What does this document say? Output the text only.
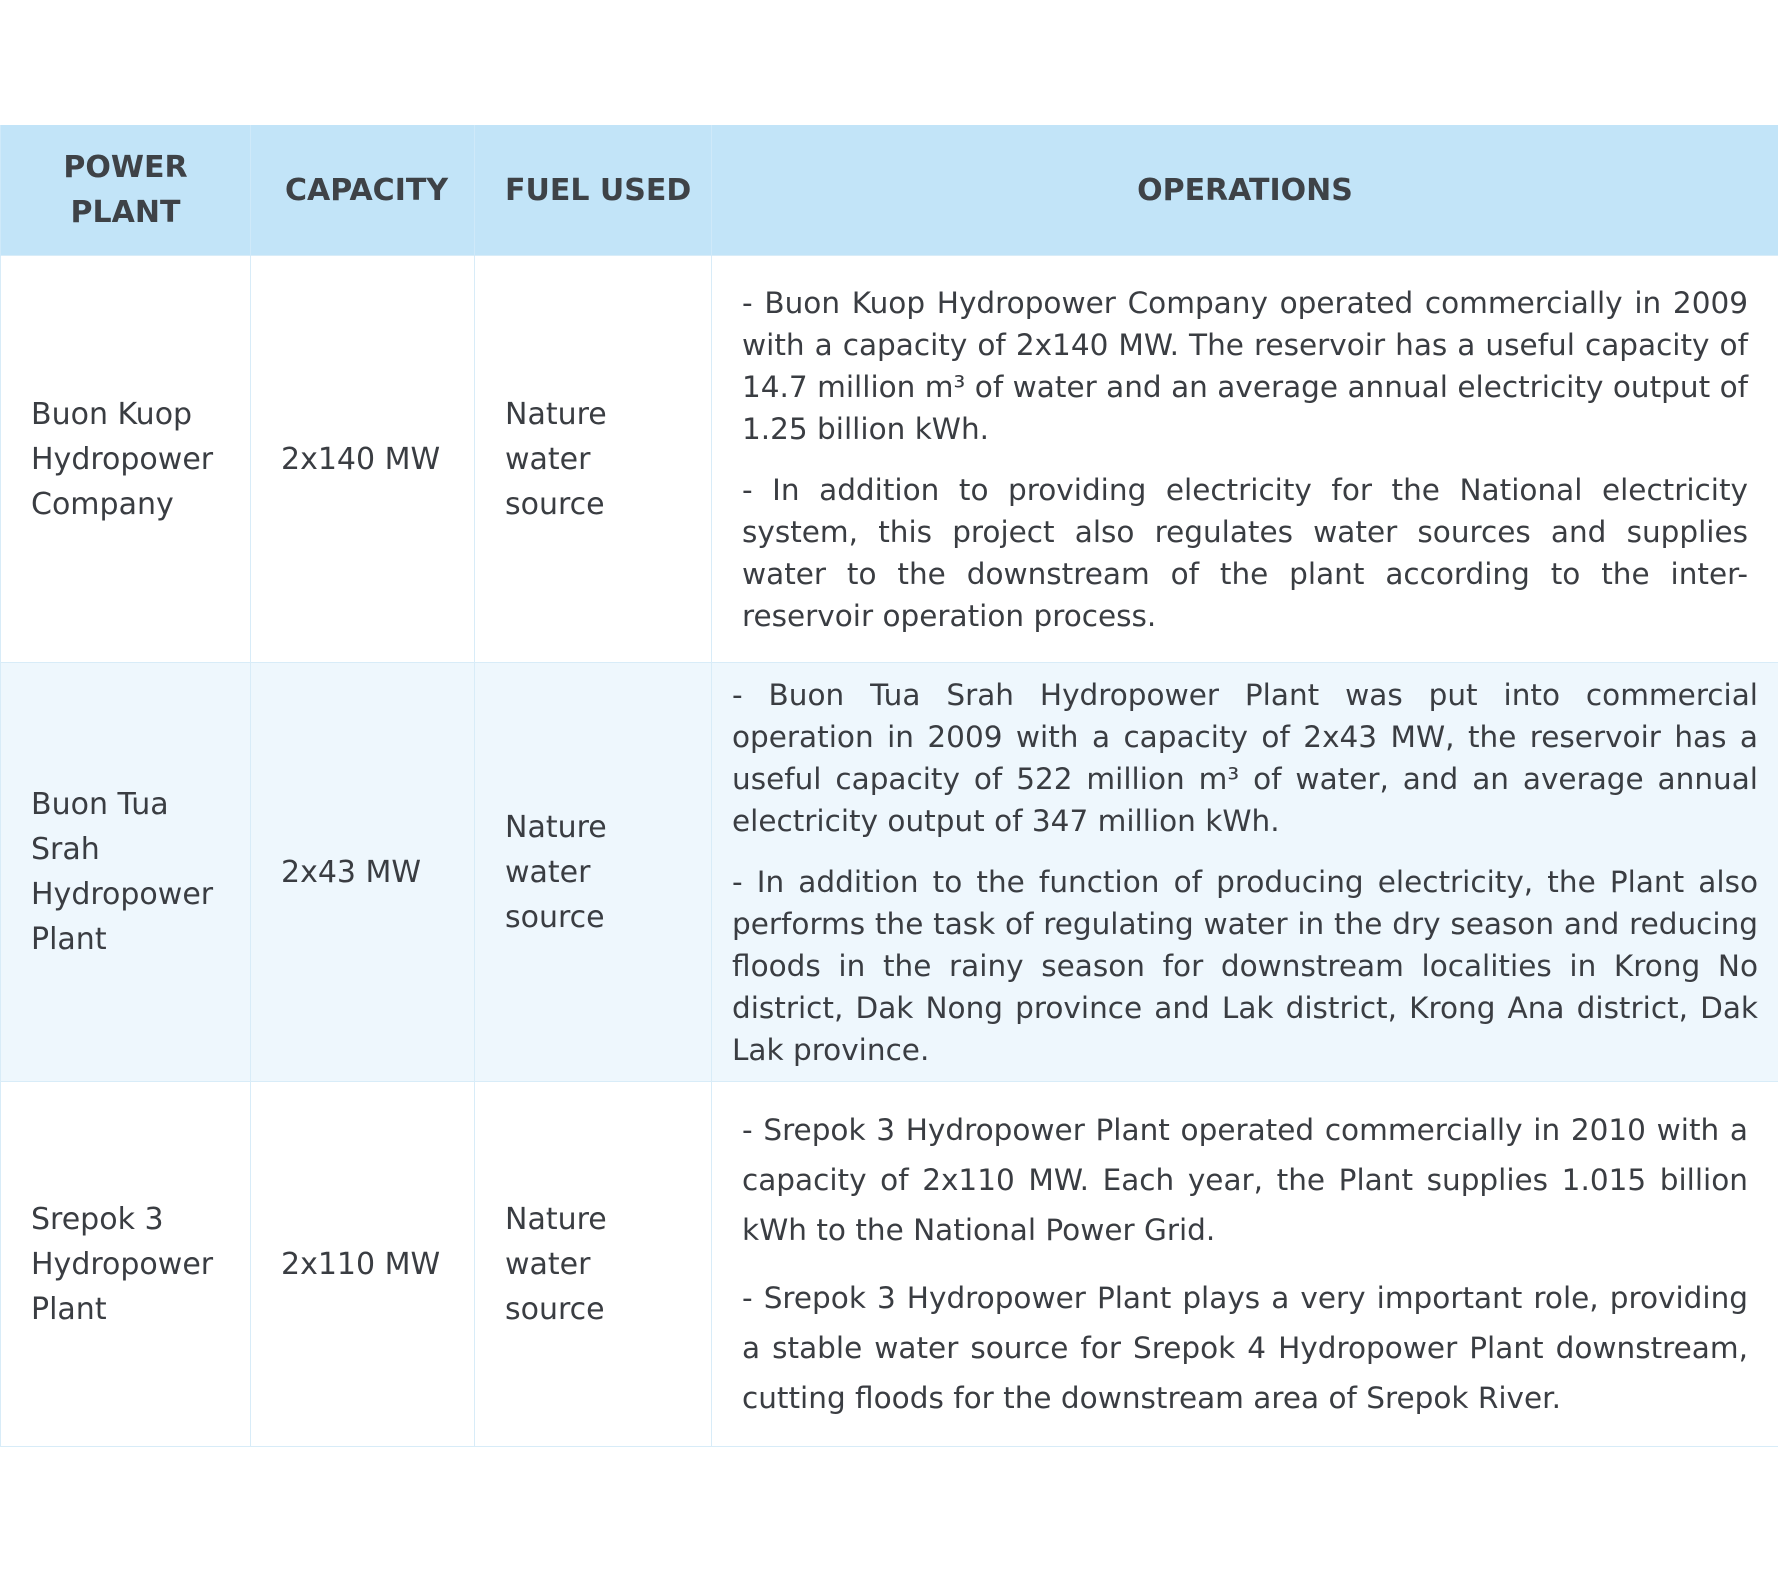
POWER PLANT	CAPACITY	FUEL USED	OPERATIONS
Buon Kuop Hydropower Company	2x140 MW	Nature water source	- Buon Kuop Hydropower Company operated commercially in 2009 with a capacity of 2x140 MW. The reservoir has a useful capacity of 14.7 million m³ of water and an average annual electricity output of 1.25 billion kWh.

- In addition to providing electricity for the National electricity system, this project also regulates water sources and supplies water to the downstream of the plant according to the inter-reservoir operation process.

Buon Tua Srah Hydropower Plant	2x43 MW	Nature water source	- Buon Tua Srah Hydropower Plant was put into commercial operation in 2009 with a capacity of 2x43 MW, the reservoir has a useful capacity of 522 million m³ of water, and an average annual electricity output of 347 million kWh.

- In addition to the function of producing electricity, the Plant also performs the task of regulating water in the dry season and reducing floods in the rainy season for downstream localities in Krong No district, Dak Nong province and Lak district, Krong Ana district, Dak Lak province.

Srepok 3 Hydropower Plant	2x110 MW	Nature water source	- Srepok 3 Hydropower Plant operated commercially in 2010 with a capacity of 2x110 MW. Each year, the Plant supplies 1.015 billion kWh to the National Power Grid.

- Srepok 3 Hydropower Plant plays a very important role, providing a stable water source for Srepok 4 Hydropower Plant downstream, cutting floods for the downstream area of Srepok River.
